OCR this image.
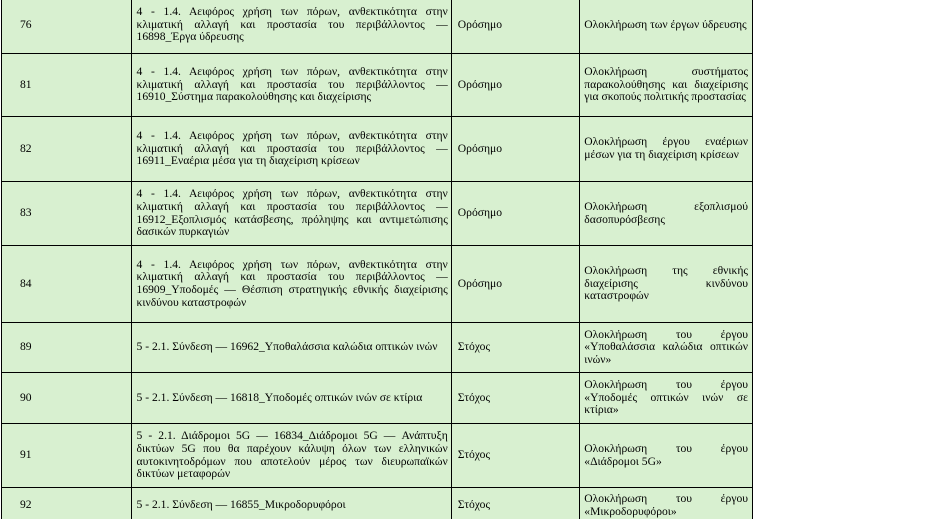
76	4 - 1.4. Αειφόρος χρήση των πόρων, ανθεκτικότητα στην κλιματική αλλαγή και προστασία του περιβάλλοντος — 16898_Έργα ύδρευσης	Ορόσημο	Ολοκλήρωση των έργων ύδρευσης
81	4 - 1.4. Αειφόρος χρήση των πόρων, ανθεκτικότητα στην κλιματική αλλαγή και προστασία του περιβάλλοντος — 16910_Σύστημα παρακολούθησης και διαχείρισης	Ορόσημο	Ολοκλήρωση συστήματος παρακολούθησης και διαχείρισης για σκοπούς πολιτικής προστασίας
82	4 - 1.4. Αειφόρος χρήση των πόρων, ανθεκτικότητα στην κλιματική αλλαγή και προστασία του περιβάλλοντος — 16911_Εναέρια μέσα για τη διαχείριση κρίσεων	Ορόσημο	Ολοκλήρωση έργου εναέριων μέσων για τη διαχείριση κρίσεων
83	4 - 1.4. Αειφόρος χρήση των πόρων, ανθεκτικότητα στην κλιματική αλλαγή και προστασία του περιβάλλοντος — 16912_Εξοπλισμός κατάσβεσης, πρόληψης και αντιμετώπισης δασικών πυρκαγιών	Ορόσημο	Ολοκλήρωση εξοπλισμού δασοπυρόσβεσης
84	4 - 1.4. Αειφόρος χρήση των πόρων, ανθεκτικότητα στην κλιματική αλλαγή και προστασία του περιβάλλοντος — 16909_Υποδομές — Θέσπιση στρατηγικής εθνικής διαχείρισης κινδύνου καταστροφών	Ορόσημο	Ολοκλήρωση της εθνικής διαχείρισης κινδύνου καταστροφών
89	5 - 2.1. Σύνδεση — 16962_Υποθαλάσσια καλώδια οπτικών ινών	Στόχος	Ολοκλήρωση του έργου «Υποθαλάσσια καλώδια οπτικών ινών»
90	5 - 2.1. Σύνδεση — 16818_Υποδομές οπτικών ινών σε κτίρια	Στόχος	Ολοκλήρωση του έργου «Υποδομές οπτικών ινών σε κτίρια»
91	5 - 2.1. Διάδρομοι 5G — 16834_Διάδρομοι 5G — Ανάπτυξη δικτύων 5G που θα παρέχουν κάλυψη όλων των ελληνικών αυτοκινητοδρόμων που αποτελούν μέρος των διευρωπαϊκών δικτύων μεταφορών	Στόχος	Ολοκλήρωση του έργου «Διάδρομοι 5G»
92	5 - 2.1. Σύνδεση — 16855_Μικροδορυφόροι	Στόχος	Ολοκλήρωση του έργου «Μικροδορυφόροι»
